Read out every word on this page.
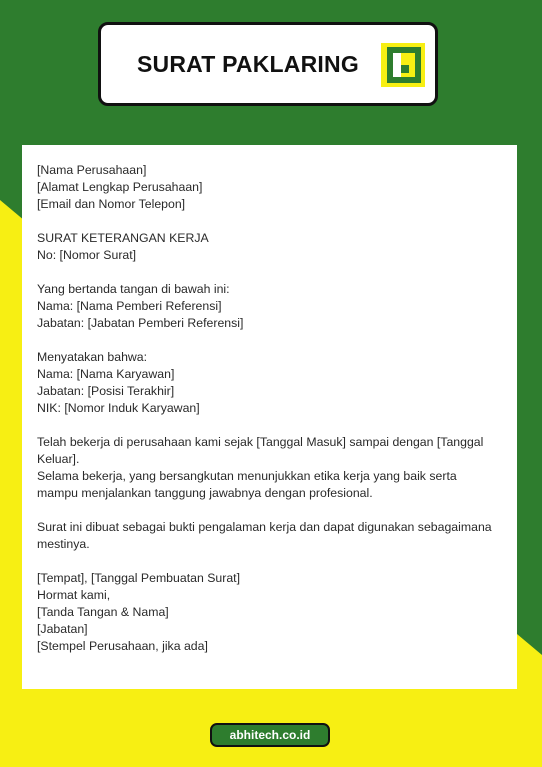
SURAT PAKLARING
[Nama Perusahaan]
[Alamat Lengkap Perusahaan]
[Email dan Nomor Telepon]
SURAT KETERANGAN KERJA
No: [Nomor Surat]
Yang bertanda tangan di bawah ini:
Nama: [Nama Pemberi Referensi]
Jabatan: [Jabatan Pemberi Referensi]
Menyatakan bahwa:
Nama: [Nama Karyawan]
Jabatan: [Posisi Terakhir]
NIK: [Nomor Induk Karyawan]
Telah bekerja di perusahaan kami sejak [Tanggal Masuk] sampai dengan [Tanggal
Keluar].
Selama bekerja, yang bersangkutan menunjukkan etika kerja yang baik serta
mampu menjalankan tanggung jawabnya dengan profesional.
Surat ini dibuat sebagai bukti pengalaman kerja dan dapat digunakan sebagaimana
mestinya.
[Tempat], [Tanggal Pembuatan Surat]
Hormat kami,
[Tanda Tangan & Nama]
[Jabatan]
[Stempel Perusahaan, jika ada]
abhitech.co.id
